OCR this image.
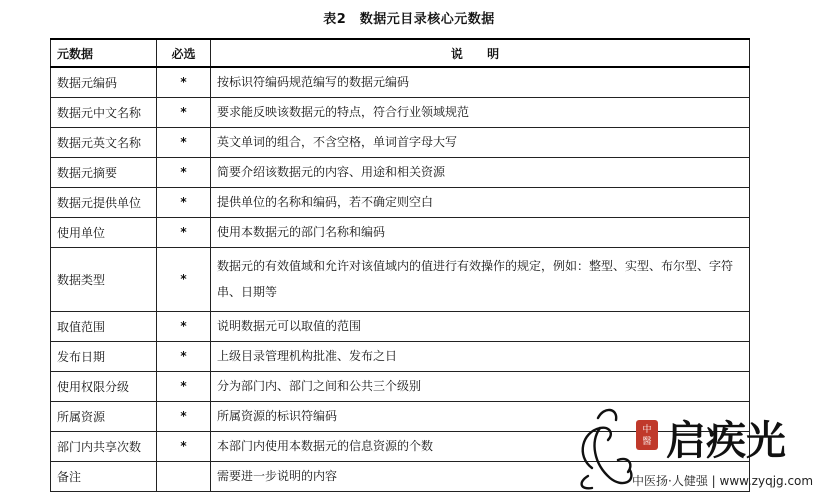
表2　数据元目录核心元数据
元数据	必选	说 明
数据元编码	*	按标识符编码规范编写的数据元编码
数据元中文名称	*	要求能反映该数据元的特点，符合行业领域规范
数据元英文名称	*	英文单词的组合，不含空格，单词首字母大写
数据元摘要	*	简要介绍该数据元的内容、用途和相关资源
数据元提供单位	*	提供单位的名称和编码，若不确定则空白
使用单位	*	使用本数据元的部门名称和编码
数据类型	*	数据元的有效值域和允许对该值域内的值进行有效操作的规定，例如：整型、实型、布尔型、字符串、日期等
取值范围	*	说明数据元可以取值的范围
发布日期	*	上级目录管理机构批准、发布之日
使用权限分级	*	分为部门内、部门之间和公共三个级别
所属资源	*	所属资源的标识符编码
部门内共享次数	*	本部门内使用本数据元的信息资源的个数
备注		需要进一步说明的内容
中
醫 启疾光
中医扬·人健强 | www.zyqjg.com
